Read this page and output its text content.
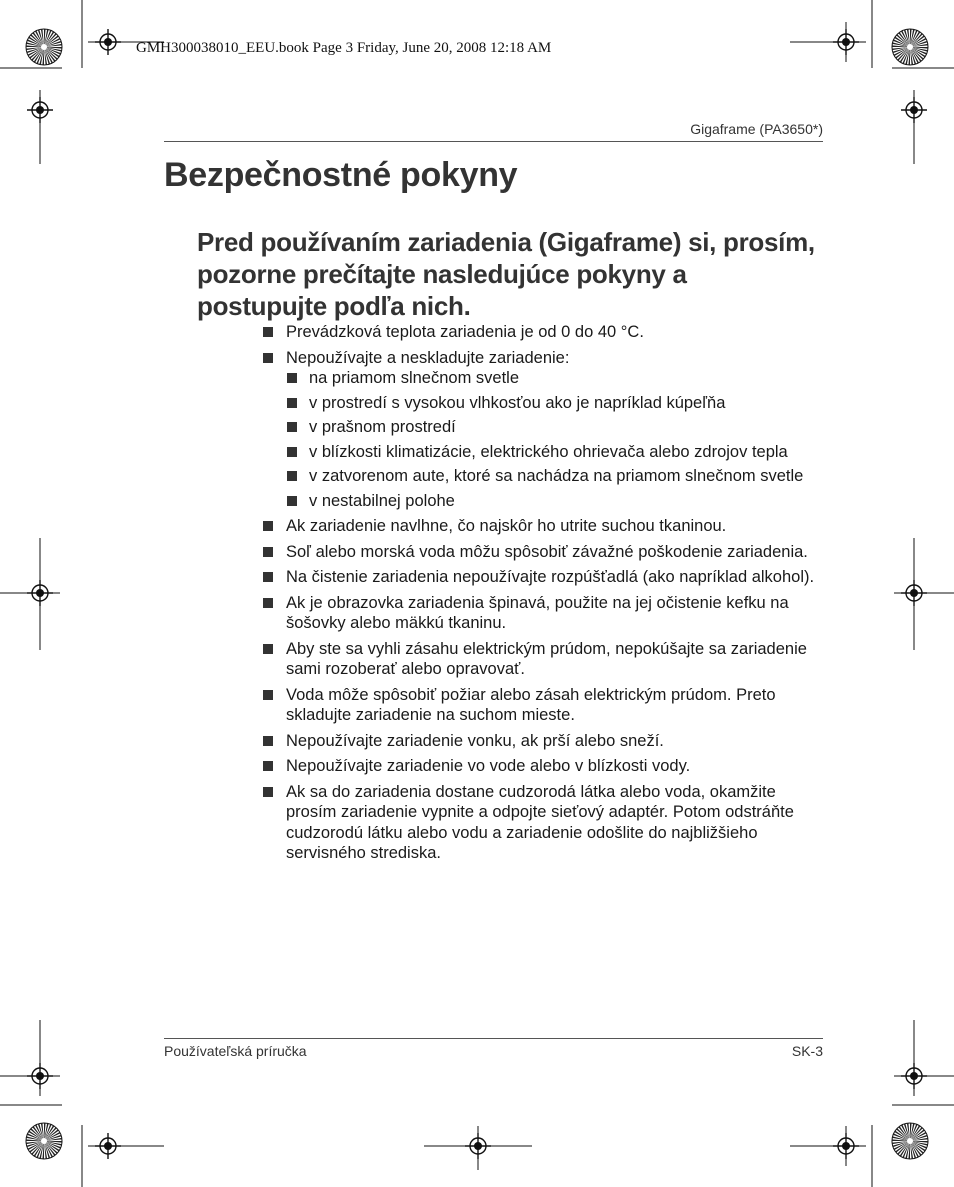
GMH300038010_EEU.book Page 3 Friday, June 20, 2008 12:18 AM
Gigaframe (PA3650*)
Bezpečnostné pokyny
Pred používaním zariadenia (Gigaframe) si, prosím, pozorne prečítajte nasledujúce pokyny a postupujte podľa nich.
Prevádzková teplota zariadenia je od 0 do 40 °C.
Nepoužívajte a neskladujte zariadenie:
na priamom slnečnom svetle
v prostredí s vysokou vlhkosťou ako je napríklad kúpeľňa
v prašnom prostredí
v blízkosti klimatizácie, elektrického ohrievača alebo zdrojov tepla
v zatvorenom aute, ktoré sa nachádza na priamom slnečnom svetle
v nestabilnej polohe
Ak zariadenie navlhne, čo najskôr ho utrite suchou tkaninou.
Soľ alebo morská voda môžu spôsobiť závažné poškodenie zariadenia.
Na čistenie zariadenia nepoužívajte rozpúšťadlá (ako napríklad alkohol).
Ak je obrazovka zariadenia špinavá, použite na jej očistenie kefku na šošovky alebo mäkkú tkaninu.
Aby ste sa vyhli zásahu elektrickým prúdom, nepokúšajte sa zariadenie sami rozoberať alebo opravovať.
Voda môže spôsobiť požiar alebo zásah elektrickým prúdom. Preto skladujte zariadenie na suchom mieste.
Nepoužívajte zariadenie vonku, ak prší alebo sneží.
Nepoužívajte zariadenie vo vode alebo v blízkosti vody.
Ak sa do zariadenia dostane cudzorodá látka alebo voda, okamžite prosím zariadenie vypnite a odpojte sieťový adaptér. Potom odstráňte cudzorodú látku alebo vodu a zariadenie odošlite do najbližšieho servisného strediska.
Používateľská príručka	SK-3
